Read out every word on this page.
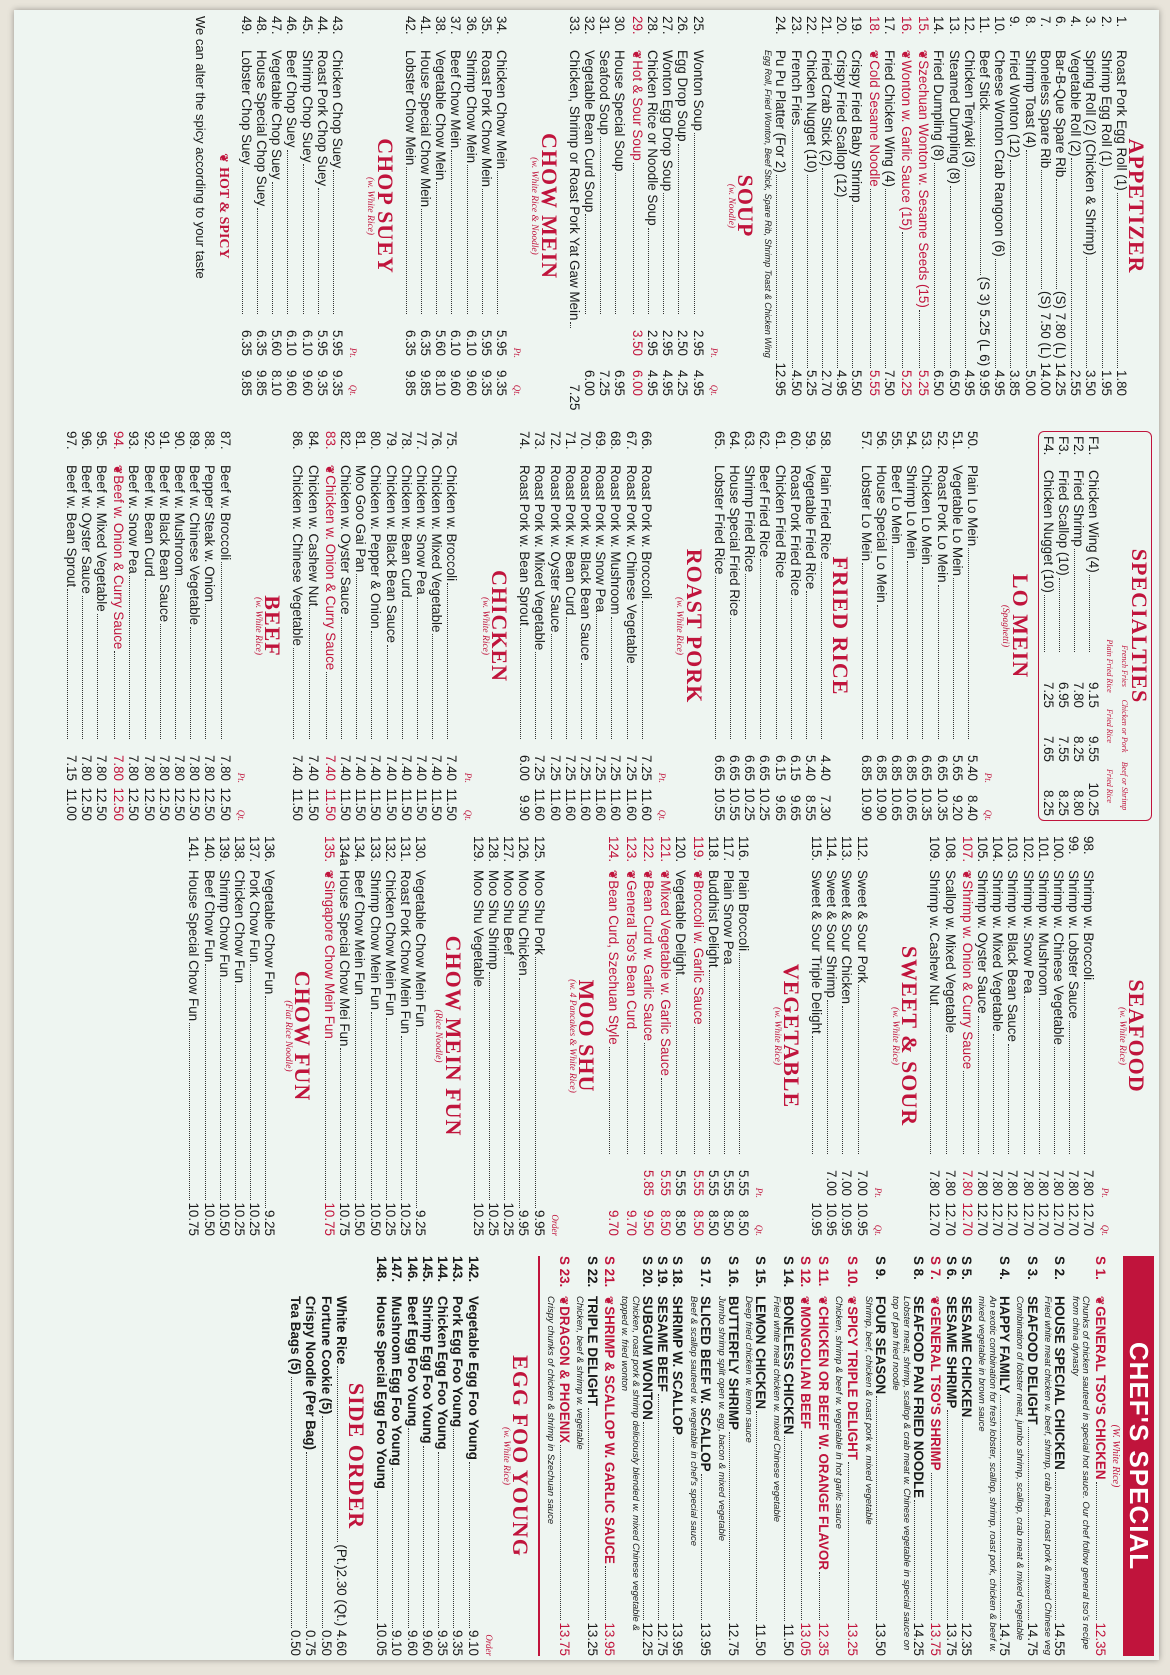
APPETIZER
1.
Roast Pork Egg Roll (1)
1.80
2.
Shrimp Egg Roll (1)
1.95
3.
Spring Roll (2) (Chicken & Shrimp)
3.50
4.
Vegetable Roll (2)
2.55
6.
Bar-B-Que Spare Rib
(S) 7.80 (L) 14.25
7.
Boneless Spare Rib
(S) 7.50 (L) 14.00
8.
Shrimp Toast (4)
5.00
9.
Fried Wonton (12)
3.85
10.
Cheese Wonton Crab Rangoon (6)
4.95
11.
Beef Stick
(S 3) 5.25 (L 6) 9.95
12.
Chicken Teriyaki (3)
4.95
13.
Steamed Dumpling (8)
6.50
14.
Fried Dumpling (8)
6.50
15.
❦
Szechuan Wonton w. Sesame Seeds (15)
5.25
16.
❦
Wonton w. Garlic Sauce (15)
5.25
17.
Fried Chicken Wing (4)
7.50
18.
❦
Cold Sesame Noodle
5.55
19.
Crispy Fried Baby Shrimp
5.50
20.
Crispy Fried Scallop (12)
4.95
21.
Fried Crab Stick (2)
2.70
22.
Chicken Nugget (10)
5.25
23.
French Fries
4.50
24.
Pu Pu Platter (For 2)
12.95
Egg Roll, Fried Wonton, Beef Stick, Spare Rib, Shrimp Toast & Chicken Wing
SOUP
(w. Noodle)
Pt.
Qt.
25.
Wonton Soup
2.95
4.95
26.
Egg Drop Soup
2.50
4.25
27.
Wonton Egg Drop Soup
2.95
4.95
28.
Chicken Rice or Noodle Soup
2.95
4.95
29.
❦
Hot & Sour Soup
3.50
6.00
30.
House Special Soup
6.95
31.
Seafood Soup
7.25
32.
Vegetable Bean Curd Soup
6.00
33.
Chicken, Shrimp or Roast Pork Yat Gaw Mein
7.25
CHOW MEIN
(w. White Rice & Noodle)
Pt.
Qt.
34.
Chicken Chow Mein
5.95
9.35
35.
Roast Pork Chow Mein
5.95
9.35
36.
Shrimp Chow Mein
6.10
9.60
37.
Beef Chow Mein
6.10
9.60
38.
Vegetable Chow Mein
5.60
8.10
41.
House Special Chow Mein
6.35
9.85
42.
Lobster Chow Mein
6.35
9.85
CHOP SUEY
(w. White Rice)
Pt.
Qt.
43.
Chicken Chop Suey
5.95
9.35
44.
Roast Pork Chop Suey
5.95
9.35
45.
Shrimp Chop Suey
6.10
9.60
46.
Beef Chop Suey
6.10
9.60
47.
Vegetable Chop Suey
5.60
8.10
48.
House Special Chop Suey
6.35
9.85
49.
Lobster Chop Suey
6.35
9.85
❦ HOT & SPICY
We can alter the spicy according to your taste
SPECIALTIES
French Fries Plain Fried Rice
Chicken or Pork Fried Rice
Beef or Shrimp Fried Rice
F1.
Chicken Wing (4)
9.15
9.55
10.25
F2.
Fried Shrimp
7.80
8.25
8.80
F3.
Fried Scallop (10)
6.95
7.55
8.25
F4.
Chicken Nugget (10)
7.25
7.65
8.25
LO MEIN
(Spaghetti)
Pt.
Qt.
50.
Plain Lo Mein
5.40
8.40
51.
Vegetable Lo Mein
5.65
9.20
52.
Roast Pork Lo Mein
6.65
10.35
53.
Chicken Lo Mein
6.65
10.35
54.
Shrimp Lo Mein
6.85
10.65
55.
Beef Lo Mein
6.85
10.65
56.
House Special Lo Mein
6.85
10.90
57.
Lobster Lo Mein
6.85
10.90
FRIED RICE
58.
Plain Fried Rice
4.40
7.30
59.
Vegetable Fried Rice
5.40
8.55
60.
Roast Pork Fried Rice
6.15
9.65
61.
Chicken Fried Rice
6.15
9.65
62.
Beef Fried Rice
6.65
10.25
63.
Shrimp Fried Rice
6.65
10.25
64.
House Special Fried Rice
6.65
10.55
65.
Lobster Fried Rice
6.65
10.55
ROAST PORK
(w. White Rice)
Pt.
Qt.
66.
Roast Pork w. Broccoli
7.25
11.60
67.
Roast Pork w. Chinese Vegetable
7.25
11.60
68.
Roast Pork w. Mushroom
7.25
11.60
69.
Roast Pork w. Snow Pea
7.25
11.60
70.
Roast Pork w. Black Bean Sauce
7.25
11.60
71.
Roast Pork w. Bean Curd
7.25
11.60
72.
Roast Pork w. Oyster Sauce
7.25
11.60
73.
Roast Pork w. Mixed Vegetable
7.25
11.60
74.
Roast Pork w. Bean Sprout
6.00
9.90
CHICKEN
(w. White Rice)
Pt.
Qt.
75.
Chicken w. Broccoli
7.40
11.50
76.
Chicken w. Mixed Vegetable
7.40
11.50
77.
Chicken w. Snow Pea
7.40
11.50
78.
Chicken w. Bean Curd
7.40
11.50
79.
Chicken w. Black Bean Sauce
7.40
11.50
80.
Chicken w. Pepper & Onion
7.40
11.50
81.
Moo Goo Gai Pan
7.40
11.50
82.
Chicken w. Oyster Sauce
7.40
11.50
83.
❦
Chicken w. Onion & Curry Sauce
7.40
11.50
84.
Chicken w. Cashew Nut
7.40
11.50
86.
Chicken w. Chinese Vegetable
7.40
11.50
BEEF
(w. White Rice)
Pt.
Qt.
87.
Beef w. Broccoli
7.80
12.50
88.
Pepper Steak w. Onion
7.80
12.50
89.
Beef w. Chinese Vegetable
7.80
12.50
90.
Beef w. Mushroom
7.80
12.50
91.
Beef w. Black Bean Sauce
7.80
12.50
92.
Beef w. Bean Curd
7.80
12.50
93.
Beef w. Snow Pea
7.80
12.50
94.
❦
Beef w. Onion & Curry Sauce
7.80
12.50
95.
Beef w. Mixed Vegetable
7.80
12.50
96.
Beef w. Oyster Sauce
7.80
12.50
97.
Beef w. Bean Sprout
7.15
11.00
SEAFOOD
(w. White Rice)
Pt.
Qt.
98.
Shrimp w. Broccoli
7.80
12.70
99.
Shrimp w. Lobster Sauce
7.80
12.70
100.
Shrimp w. Chinese Vegetable
7.80
12.70
101.
Shrimp w. Mushroom
7.80
12.70
102.
Shrimp w. Snow Pea
7.80
12.70
103.
Shrimp w. Black Bean Sauce
7.80
12.70
104.
Shrimp w. Mixed Vegetable
7.80
12.70
105.
Shrimp w. Oyster Sauce
7.80
12.70
107.
❦
Shrimp w. Onion & Curry Sauce
7.80
12.70
108.
Scallop w. Mixed Vegetable
7.80
12.70
109.
Shrimp w. Cashew Nut
7.80
12.70
SWEET & SOUR
(w. White Rice)
Pt.
Qt.
112.
Sweet & Sour Pork
7.00
10.95
113.
Sweet & Sour Chicken
7.00
10.95
114.
Sweet & Sour Shrimp
7.00
10.95
115.
Sweet & Sour Triple Delight
10.95
VEGETABLE
(w. White Rice)
Pt.
Qt.
116.
Plain Broccoli
5.55
8.50
117.
Plain Snow Pea
5.55
8.50
118.
Buddhist Delight
5.55
8.50
119.
❦
Broccoli w. Garlic Sauce
5.55
8.50
120.
Vegetable Delight
5.55
8.50
121.
❦
Mixed Vegetable w. Garlic Sauce
5.55
8.50
122.
❦
Bean Curd w. Garlic Sauce
5.85
9.50
123.
❦
General Tso's Bean Curd
9.70
124.
❦
Bean Curd, Szechuan Style
9.70
MOO SHU
(w. 4 Pancakes & White Rice)
Order
125.
Moo Shu Pork
9.95
126.
Moo Shu Chicken
9.95
127.
Moo Shu Beef
10.25
128.
Moo Shu Shrimp
10.25
129.
Moo Shu Vegetable
10.25
CHOW MEIN FUN
(Rice Noodle)
130.
Vegetable Chow Mein Fun
9.25
131.
Roast Pork Chow Mein Fun
10.25
132.
Chicken Chow Mein Fun
10.25
133.
Shrimp Chow Mein Fun
10.50
134.
Beef Chow Mein Fun
10.50
134a
House Special Chow Mei Fun
10.75
135.
❦
Singapore Chow Mein Fun
10.75
CHOW FUN
(Flat Rice Noodle)
136.
Vegetable Chow Fun
9.25
137.
Pork Chow Fun
10.25
138.
Chicken Chow Fun
10.25
139.
Shrimp Chow Fun
10.50
140.
Beef Chow Fun
10.50
141.
House Special Chow Fun
10.75
CHEF'S SPECIAL
(W. White Rice)
S 1.
❦
GENERAL TSO'S CHICKEN
12.35
Chunks of chicken sauteed in special hot sauce. Our chef follow general tso's recipe from china dynasty
S 2.
HOUSE SPECIAL CHICKEN
14.55
Fried white meat chicken w. beef, shrimp, crab meat, roast pork & mixed Chinese veg
S 3.
SEAFOOD DELIGHT
14.75
Combination of lobster meat, jumbo shrimp, scallop, crab meat & mixed vegetable
S 4.
HAPPY FAMILY
14.75
An exotic combination for fresh lobster, scallop, shrimp, roast pork, chicken & beef w. mixed vegetable in brown sauce
S 5.
SESAME CHICKEN
12.35
S 6.
SESAME SHRIMP
13.75
S 7.
❦
GENERAL TSO'S SHRIMP
13.75
S 8.
SEAFOOD PAN FRIED NOODLE
14.25
Lobster meat, shrimp, scallop & crab meat w. Chinese vegetable in special sauce on top of pan fried noodle
S 9.
FOUR SEASON
13.50
Shrimp, beef, chicken & roast pork w. mixed vegetable
S 10.
❦
SPICY TRIPLE DELIGHT
13.25
Chicken, shrimp & beef w. vegetable in hot garlic sauce
S 11.
❦
CHICKEN OR BEEF W. ORANGE FLAVOR
12.35
S 12.
❦
MONGOLIAN BEEF
13.05
S 14.
BONELESS CHICKEN
11.50
Fried white meat chicken w. mixed Chinese vegetable
S 15.
LEMON CHICKEN
11.50
Deep fried chicken w. lemon sauce
S 16.
BUTTERFLY SHRIMP
12.75
Jumbo shrimp split open w. egg, bacon & mixed vegetable
S 17.
SLICED BEEF W. SCALLOP
13.95
Beef & scallop sauteed w. vegetable in chef's special sauce
S 18.
SHRIMP W. SCALLOP
13.95
S 19.
SESAME BEEF
12.75
S 20.
SUBGUM WONTON
12.25
Chicken, roast pork & shrimp deliciously blended w. mixed Chinese vegetable & topped w. fried wonton
S 21.
❦
SHRIMP & SCALLOP W. GARLIC SAUCE
13.95
S 22.
TRIPLE DELIGHT
13.25
Chicken, beef & shrimp w. vegetable
S 23.
❦
DRAGON & PHOENIX
13.75
Crispy chunks of chicken & shrimp in Szechuan sauce
EGG FOO YOUNG
(w. White Rice)
Order
142.
Vegetable Egg Foo Young
9.10
143.
Pork Egg Foo Young
9.35
144.
Chicken Egg Foo Young
9.35
145.
Shrimp Egg Foo Young
9.60
146.
Beef Egg Foo Young
9.60
147.
Mushroom Egg Foo Young
9.10
148.
House Special Egg Foo Young
10.05
SIDE ORDER
White Rice
(Pt.)2.30 (Qt.) 4.60
Fortune Cookie (5)
0.50
Crispy Noodle (Per Bag)
0.75
Tea Bags (5)
0.50
